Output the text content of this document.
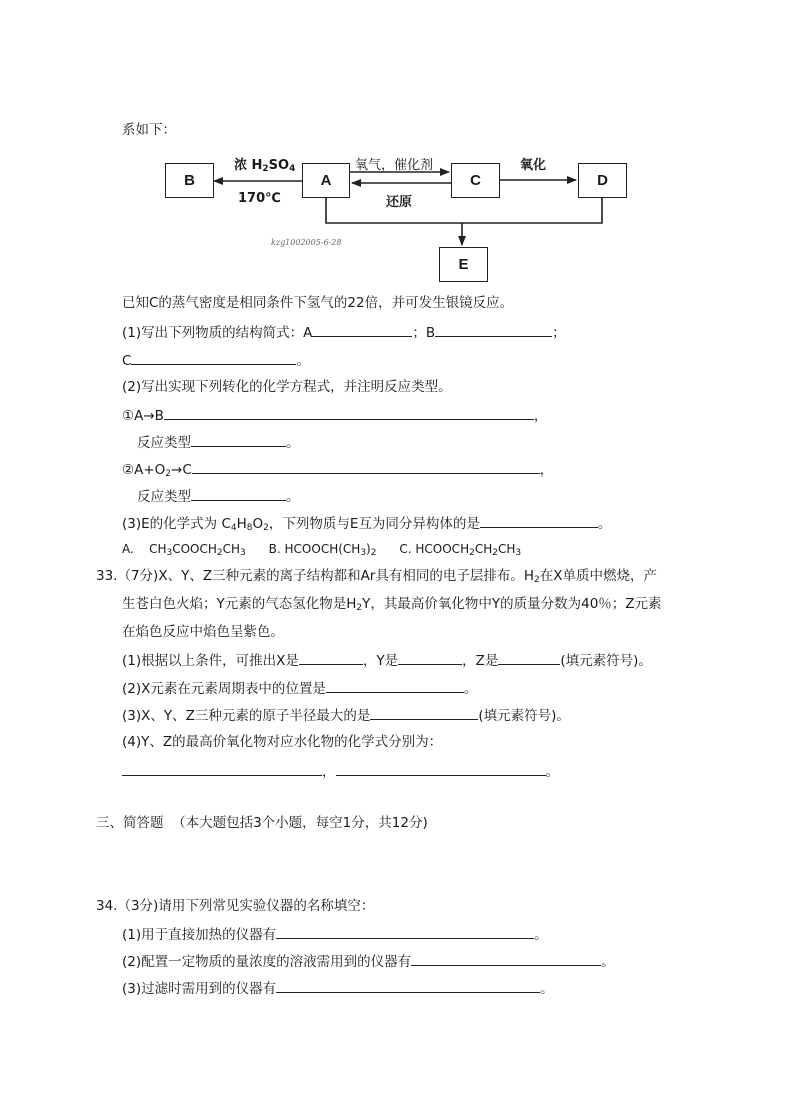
系如下：
B	A	C	D
E
浓 $H_2SO_4$
170℃
氧气，催化剂
还原
氧化
kzg1002005-6-28
已知C的蒸气密度是相同条件下氢气的22倍，并可发生银镜反应。
(1)写出下列物质的结构简式：A	；B	；
C	。
(2)写出实现下列转化的化学方程式，并注明反应类型。
①A→B	，
反应类型	。
$②A+O_2\to C$	，
反应类型	。
(3)E的化学式为 $C_4H_8O_2$，下列物质与E互为同分异构体的是	。
A. $CH_3COOCH_2CH_3$ B. $HCOOCH(CH_3)_2$ C. $HCOOCH_2CH_2CH_3$
33.（7分)X、Y、Z三种元素的离子结构都和Ar具有相同的电子层排布。$H_2$在X单质中燃烧，产
生苍白色火焰；Y元素的气态氢化物是$H_2Y$，其最高价氧化物中Y的质量分数为40％；Z元素
在焰色反应中焰色呈紫色。
(1)根据以上条件，可推出X是	，Y是	，Z是	(填元素符号)。
(2)X元素在元素周期表中的位置是	。
(3)X、Y、Z三种元素的原子半径最大的是	(填元素符号)。
(4)Y、Z的最高价氧化物对应水化物的化学式分别为：
，	。
三、简答题 （本大题包括3个小题，每空1分，共12分)
34.（3分)请用下列常见实验仪器的名称填空：
(1)用于直接加热的仪器有	。
(2)配置一定物质的量浓度的溶液需用到的仪器有	。
(3)过滤时需用到的仪器有	。
